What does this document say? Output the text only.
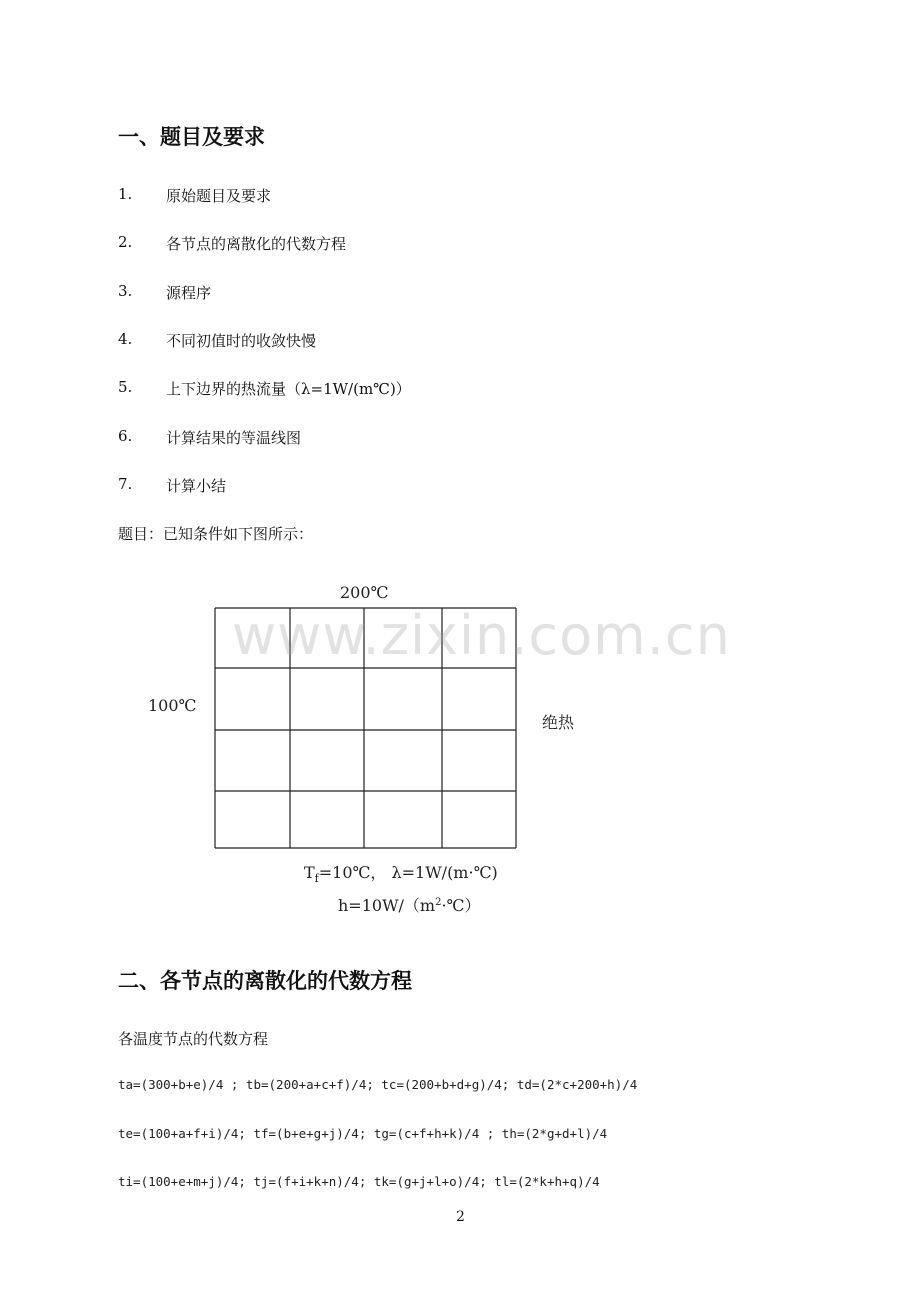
一、题目及要求
1. 原始题目及要求
2. 各节点的离散化的代数方程
3. 源程序
4. 不同初值时的收敛快慢
5. 上下边界的热流量（λ=1W/(m℃)）
6. 计算结果的等温线图
7. 计算小结
题目：已知条件如下图所示：
200℃
100℃
绝热
www.zixin.com.cn
$T_f=10℃$， λ=1W/(m·℃)
$h=10W/(m^2\cdot℃)$
二、各节点的离散化的代数方程
各温度节点的代数方程
ta=(300+b+e)/4 ; tb=(200+a+c+f)/4; tc=(200+b+d+g)/4; td=(2*c+200+h)/4
te=(100+a+f+i)/4; tf=(b+e+g+j)/4; tg=(c+f+h+k)/4 ; th=(2*g+d+l)/4
ti=(100+e+m+j)/4; tj=(f+i+k+n)/4; tk=(g+j+l+o)/4; tl=(2*k+h+q)/4
2
